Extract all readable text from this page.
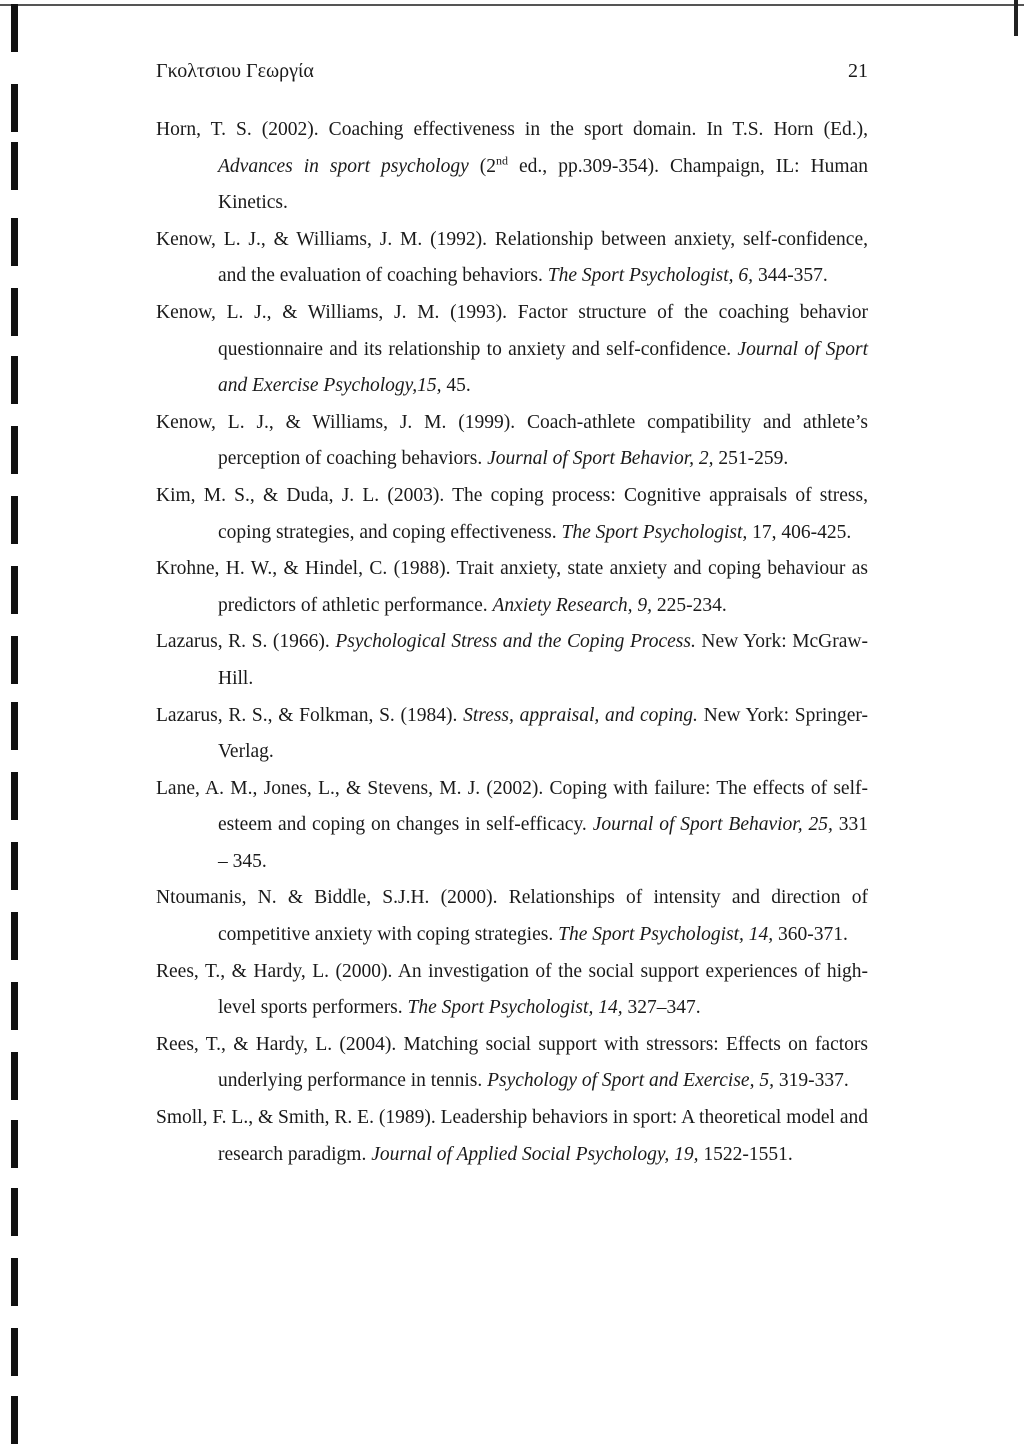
Γκολτσιου Γεωργία	21

Horn, T. S. (2002). Coaching effectiveness in the sport domain. In T.S. Horn (Ed.), Advances in sport psychology (2nd ed., pp.309-354). Champaign, IL: Human Kinetics.

Kenow, L. J., & Williams, J. M. (1992). Relationship between anxiety, self-confidence, and the evaluation of coaching behaviors. The Sport Psychologist, 6, 344-357.

Kenow, L. J., & Williams, J. M. (1993). Factor structure of the coaching behavior questionnaire and its relationship to anxiety and self-confidence. Journal of Sport and Exercise Psychology,15, 45.

Kenow, L. J., & Williams, J. M. (1999). Coach-athlete compatibility and athlete’s perception of coaching behaviors. Journal of Sport Behavior, 2, 251-259.

Kim, M. S., & Duda, J. L. (2003). The coping process: Cognitive appraisals of stress, coping strategies, and coping effectiveness. The Sport Psychologist, 17, 406-425.

Krohne, H. W., & Hindel, C. (1988). Trait anxiety, state anxiety and coping behaviour as predictors of athletic performance. Anxiety Research, 9, 225-234.

Lazarus, R. S. (1966). Psychological Stress and the Coping Process. New York: McGraw-Hill.

Lazarus, R. S., & Folkman, S. (1984). Stress, appraisal, and coping. New York: Springer- Verlag.

Lane, A. M., Jones, L., & Stevens, M. J. (2002). Coping with failure: The effects of self-esteem and coping on changes in self-efficacy. Journal of Sport Behavior, 25, 331 – 345.

Ntoumanis, N. & Biddle, S.J.H. (2000). Relationships of intensity and direction of competitive anxiety with coping strategies. The Sport Psychologist, 14, 360-371.

Rees, T., & Hardy, L. (2000). An investigation of the social support experiences of high-level sports performers. The Sport Psychologist, 14, 327–347.

Rees, T., & Hardy, L. (2004). Matching social support with stressors: Effects on factors underlying performance in tennis. Psychology of Sport and Exercise, 5, 319-337.

Smoll, F. L., & Smith, R. E. (1989). Leadership behaviors in sport: A theoretical model and research paradigm. Journal of Applied Social Psychology, 19, 1522-1551.
